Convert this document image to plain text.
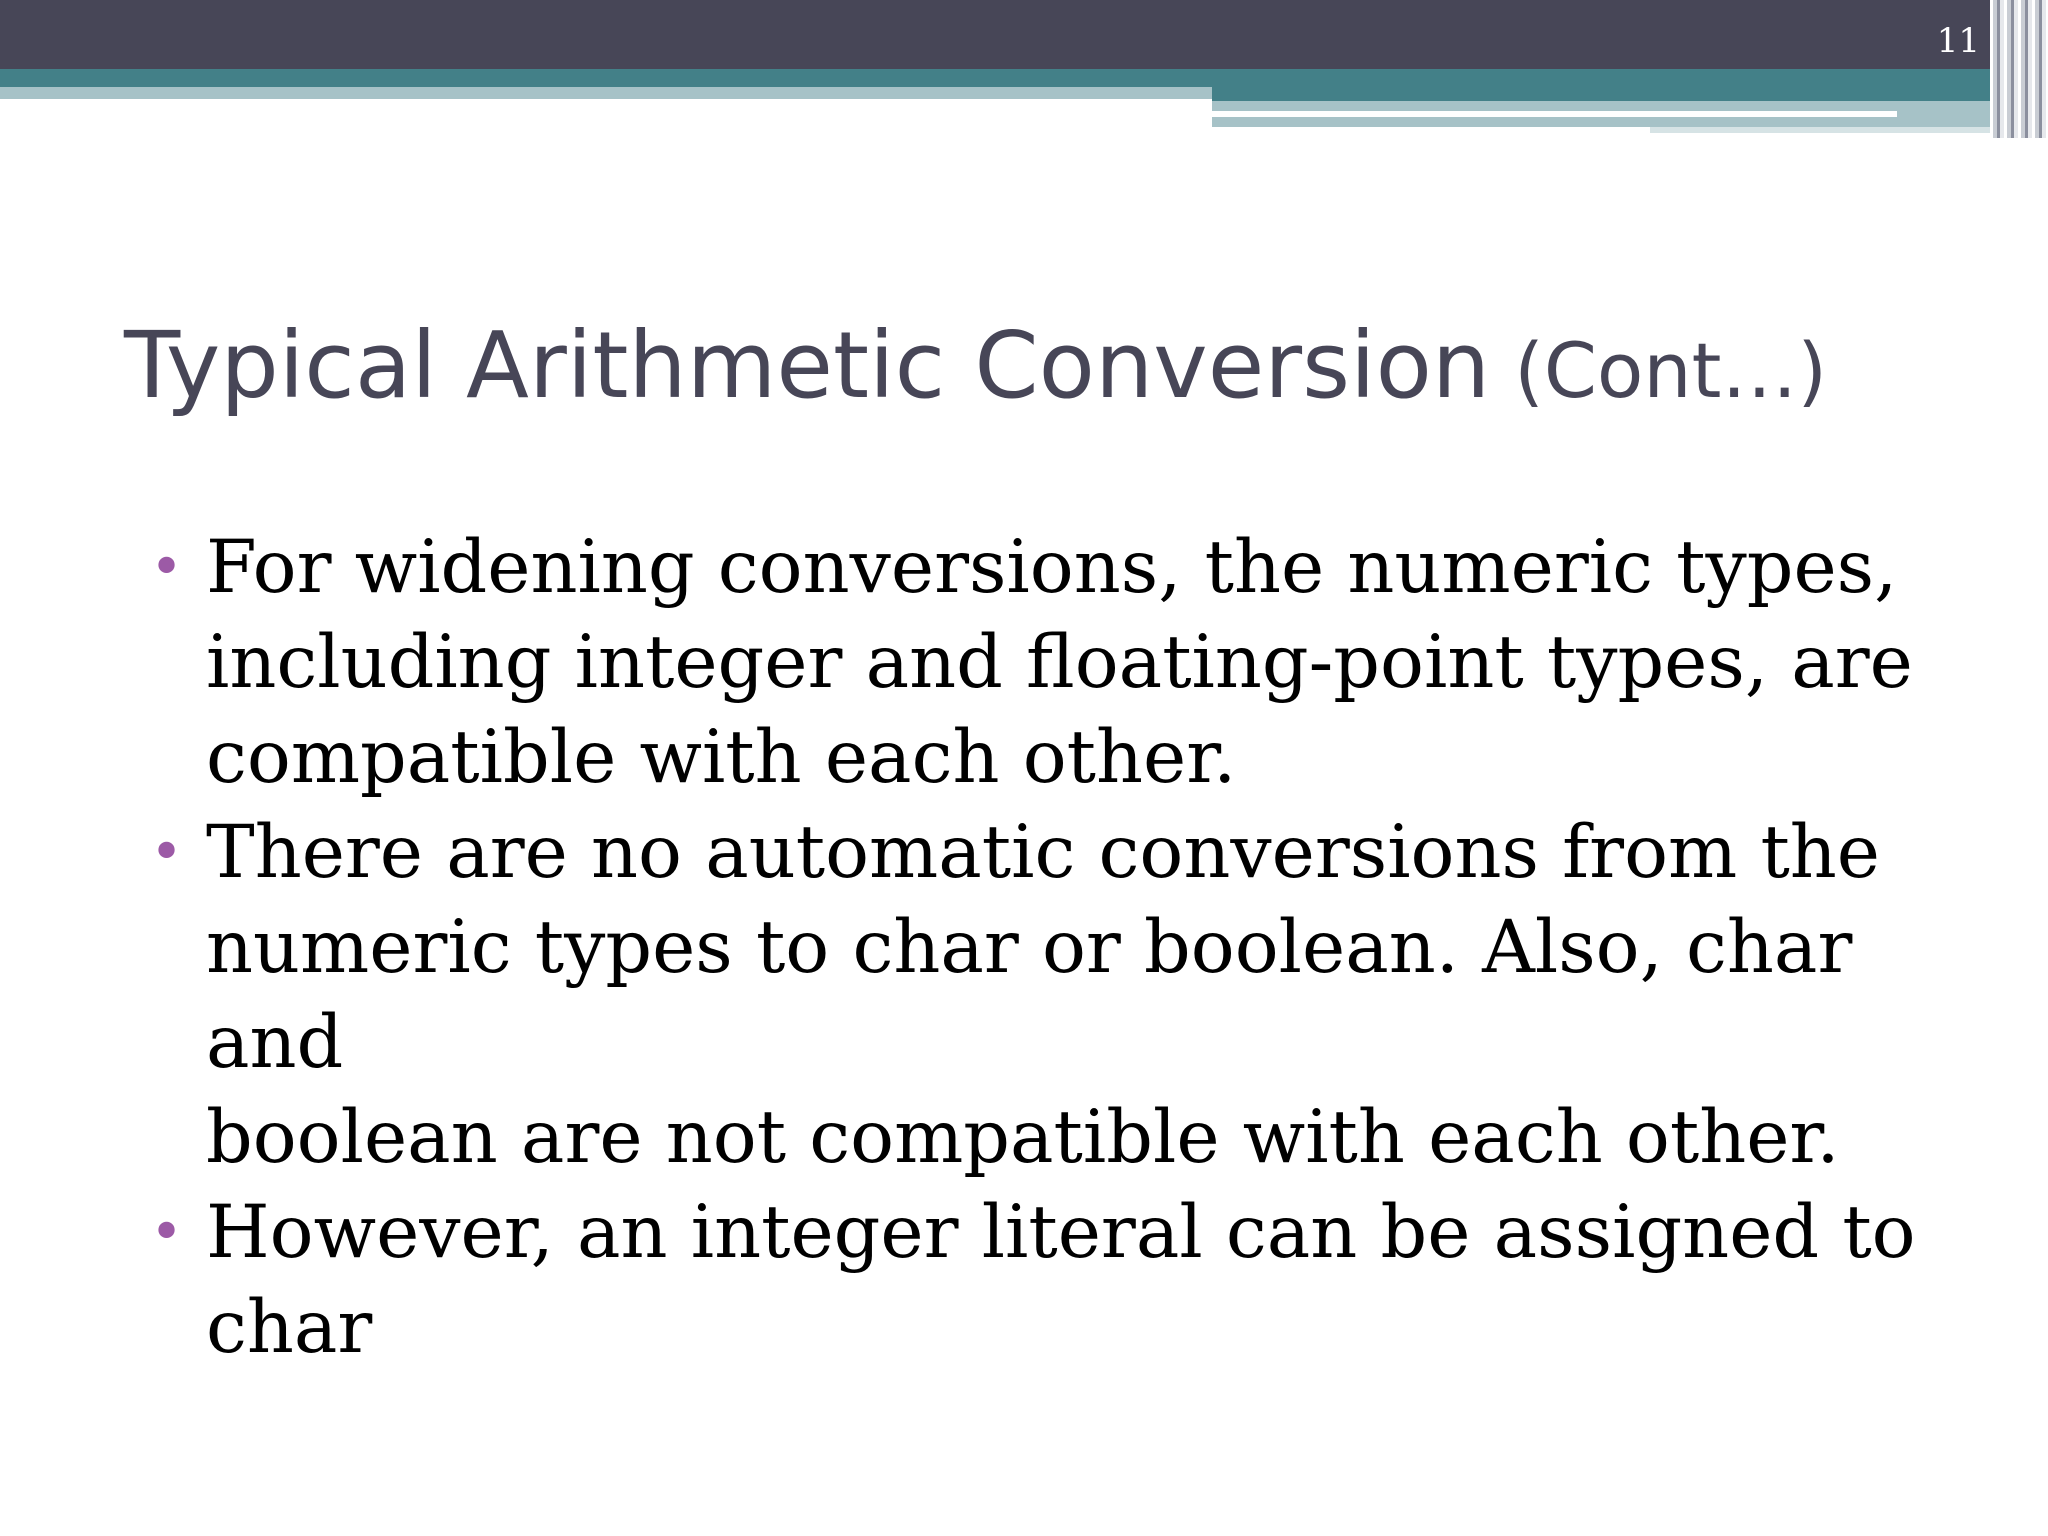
11
Typical Arithmetic Conversion (Cont…)
• For widening conversions, the numeric types,
including integer and floating-point types, are
compatible with each other.
• There are no automatic conversions from the
numeric types to char or boolean. Also, char and
boolean are not compatible with each other.
• However, an integer literal can be assigned to
char
